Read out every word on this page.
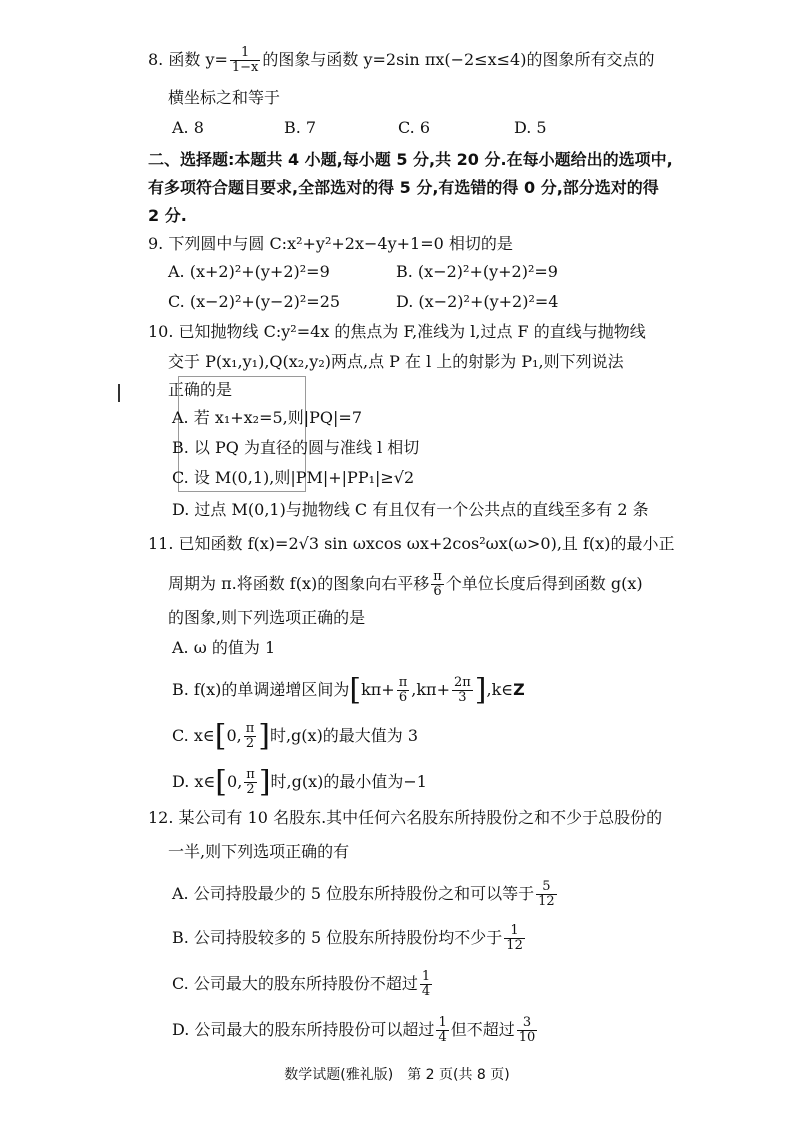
8. 函数 $y= \frac{1}{1-x}$ 的图象与函数 y=2sin πx(−2≤x≤4)的图象所有交点的
横坐标之和等于
A. 8	B. 7	C. 6	D. 5
二、选择题:本题共 4 小题,每小题 5 分,共 20 分.在每小题给出的选项中,
有多项符合题目要求,全部选对的得 5 分,有选错的得 0 分,部分选对的得
2 分.
9. 下列圆中与圆 C:x²+y²+2x−4y+1=0 相切的是
A. (x+2)²+(y+2)²=9	B. (x−2)²+(y+2)²=9
C. (x−2)²+(y−2)²=25	D. (x−2)²+(y+2)²=4
10. 已知抛物线 C:y²=4x 的焦点为 F,准线为 l,过点 F 的直线与抛物线
交于 P(x₁,y₁),Q(x₂,y₂)两点,点 P 在 l 上的射影为 P₁,则下列说法
正确的是
A. 若 x₁+x₂=5,则|PQ|=7
B. 以 PQ 为直径的圆与准线 l 相切
C. 设 M(0,1),则|PM|+|PP₁|≥√2
D. 过点 M(0,1)与抛物线 C 有且仅有一个公共点的直线至多有 2 条
11. 已知函数 f(x)=2√3 sin ωxcos ωx+2cos²ωx(ω>0),且 f(x)的最小正
周期为 π.将函数 f(x)的图象向右平移 $\frac{\pi}{6}$ 个单位长度后得到函数 g(x)
的图象,则下列选项正确的是
A. ω 的值为 1
B. f(x)的单调递增区间为[$k\pi+ \frac{\pi}{6} ,k\pi+ \frac{2\pi}{3}$ ],k∈Z
C. x∈[0, $\frac{\pi}{2}$ ]时,g(x)的最大值为 3
D. x∈[0, $\frac{\pi}{2}$ ]时,g(x)的最小值为−1
12. 某公司有 10 名股东.其中任何六名股东所持股份之和不少于总股份的
一半,则下列选项正确的有
A. 公司持股最少的 5 位股东所持股份之和可以等于 $\frac{5}{12}$
B. 公司持股较多的 5 位股东所持股份均不少于 $\frac{1}{12}$
C. 公司最大的股东所持股份不超过 $\frac{1}{4}$
D. 公司最大的股东所持股份可以超过 $\frac{1}{4}$ 但不超过 $\frac{3}{10}$
数学试题(雅礼版)　第 2 页(共 8 页)
